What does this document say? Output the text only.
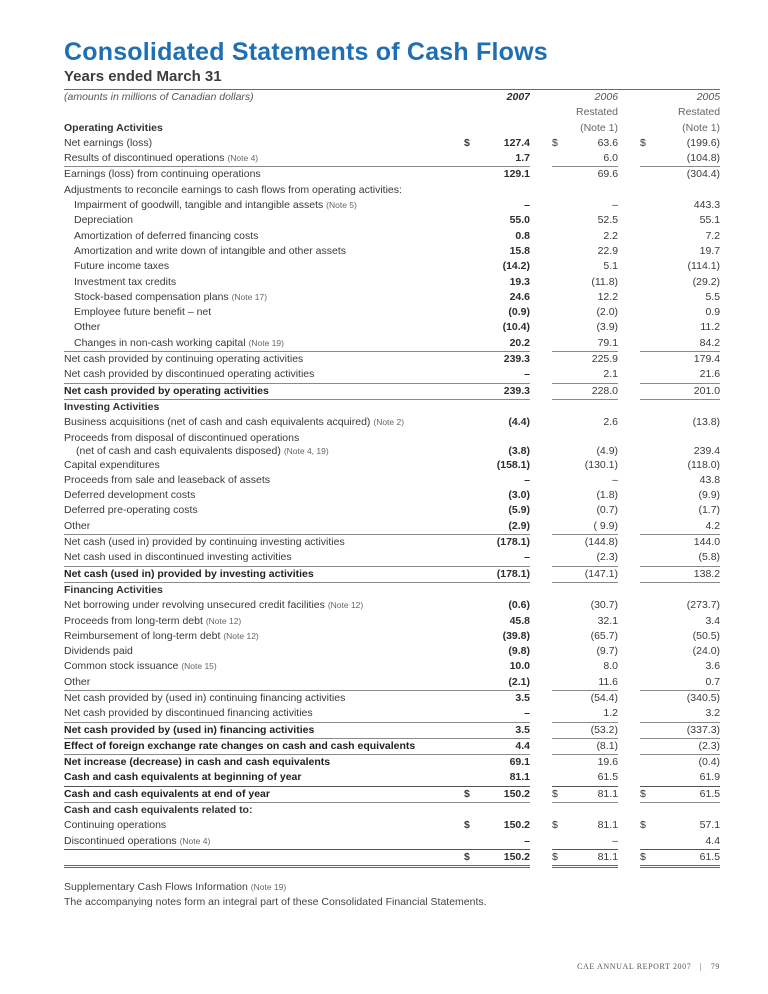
Consolidated Statements of Cash Flows
Years ended March 31
(amounts in millions of Canadian dollars)	2007			2006			2005	
				Restated			Restated	
Operating Activities				(Note 1)			(Note 1)	
Net earnings (loss)	$	127.4		$	63.6		$	(199.6)
Results of discontinued operations (Note 4)		1.7			6.0			(104.8)
Earnings (loss) from continuing operations		129.1			69.6			(304.4)
Adjustments to reconcile earnings to cash flows from operating activities:								
Impairment of goodwill, tangible and intangible assets (Note 5)		–			–			443.3
Depreciation		55.0			52.5			55.1
Amortization of deferred financing costs		0.8			2.2			7.2
Amortization and write down of intangible and other assets		15.8			22.9			19.7
Future income taxes		(14.2)			5.1			(114.1)
Investment tax credits		19.3			(11.8)			(29.2)
Stock-based compensation plans (Note 17)		24.6			12.2			5.5
Employee future benefit – net		(0.9)			(2.0)			0.9
Other		(10.4)			(3.9)			11.2
Changes in non-cash working capital (Note 19)		20.2			79.1			84.2
Net cash provided by continuing operating activities		239.3			225.9			179.4
Net cash provided by discontinued operating activities		–			2.1			21.6
Net cash provided by operating activities		239.3			228.0			201.0
Investing Activities								
Business acquisitions (net of cash and cash equivalents acquired) (Note 2)		(4.4)			2.6			(13.8)

Proceeds from disposal of discontinued operations
(net of cash and cash equivalents disposed) (Note 4, 19)		(3.8)			(4.9)			239.4
Capital expenditures		(158.1)			(130.1)			(118.0)
Proceeds from sale and leaseback of assets		–			–			43.8
Deferred development costs		(3.0)			(1.8)			(9.9)
Deferred pre-operating costs		(5.9)			(0.7)			(1.7)
Other		(2.9)			( 9.9)			4.2
Net cash (used in) provided by continuing investing activities		(178.1)			(144.8)			144.0
Net cash used in discontinued investing activities		–			(2.3)			(5.8)
Net cash (used in) provided by investing activities		(178.1)			(147.1)			138.2
Financing Activities								
Net borrowing under revolving unsecured credit facilities (Note 12)		(0.6)			(30.7)			(273.7)
Proceeds from long-term debt (Note 12)		45.8			32.1			3.4
Reimbursement of long-term debt (Note 12)		(39.8)			(65.7)			(50.5)
Dividends paid		(9.8)			(9.7)			(24.0)
Common stock issuance (Note 15)		10.0			8.0			3.6
Other		(2.1)			11.6			0.7
Net cash provided by (used in) continuing financing activities		3.5			(54.4)			(340.5)
Net cash provided by discontinued financing activities		–			1.2			3.2
Net cash provided by (used in) financing activities		3.5			(53.2)			(337.3)
Effect of foreign exchange rate changes on cash and cash equivalents		4.4			(8.1)			(2.3)
Net increase (decrease) in cash and cash equivalents		69.1			19.6			(0.4)
Cash and cash equivalents at beginning of year		81.1			61.5			61.9
Cash and cash equivalents at end of year	$	150.2		$	81.1		$	61.5
Cash and cash equivalents related to:								
Continuing operations	$	150.2		$	81.1		$	57.1
Discontinued operations (Note 4)		–			–			4.4
	$	150.2		$	81.1		$	61.5
Supplementary Cash Flows Information (Note 19)
The accompanying notes form an integral part of these Consolidated Financial Statements.
CAE ANNUAL REPORT 2007 | 79
